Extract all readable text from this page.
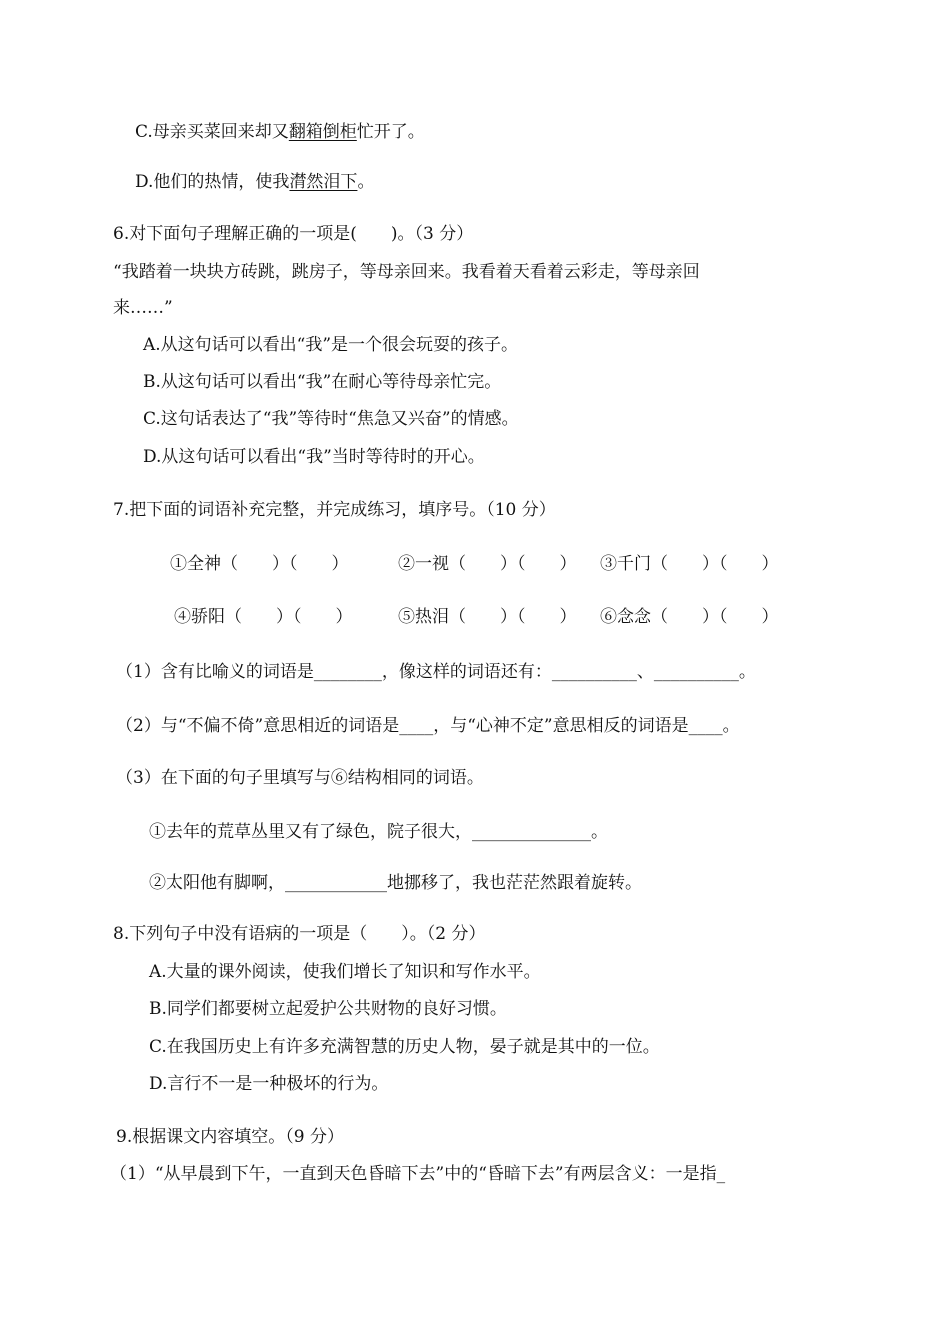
C.母亲买菜回来却又翻箱倒柜忙开了。
D.他们的热情，使我潸然泪下。
6.对下面句子理解正确的一项是(　　)。（3 分）
“我踏着一块块方砖跳，跳房子，等母亲回来。我看着天看着云彩走，等母亲回
来……”
A.从这句话可以看出“我”是一个很会玩耍的孩子。
B.从这句话可以看出“我”在耐心等待母亲忙完。
C.这句话表达了“我”等待时“焦急又兴奋”的情感。
D.从这句话可以看出“我”当时等待时的开心。
7.把下面的词语补充完整，并完成练习，填序号。（10 分）
①全神（　　）（　　）	②一视（　　）（　　） ③千门（　　）（　　）
④骄阳（　　）（　　）	⑤热泪（　　）（　　） ⑥念念（　　）（　　）
（1）含有比喻义的词语是________，像这样的词语还有：__________、__________。
（2）与“不偏不倚”意思相近的词语是____，与“心神不定”意思相反的词语是____。
（3）在下面的句子里填写与⑥结构相同的词语。
①去年的荒草丛里又有了绿色，院子很大，______________。
②太阳他有脚啊，____________地挪移了，我也茫茫然跟着旋转。
8.下列句子中没有语病的一项是（　　）。（2 分）
A.大量的课外阅读，使我们增长了知识和写作水平。
B.同学们都要树立起爱护公共财物的良好习惯。
C.在我国历史上有许多充满智慧的历史人物，晏子就是其中的一位。
D.言行不一是一种极坏的行为。
9.根据课文内容填空。（9 分）
（1）“从早晨到下午，一直到天色昏暗下去”中的“昏暗下去”有两层含义：一是指_
